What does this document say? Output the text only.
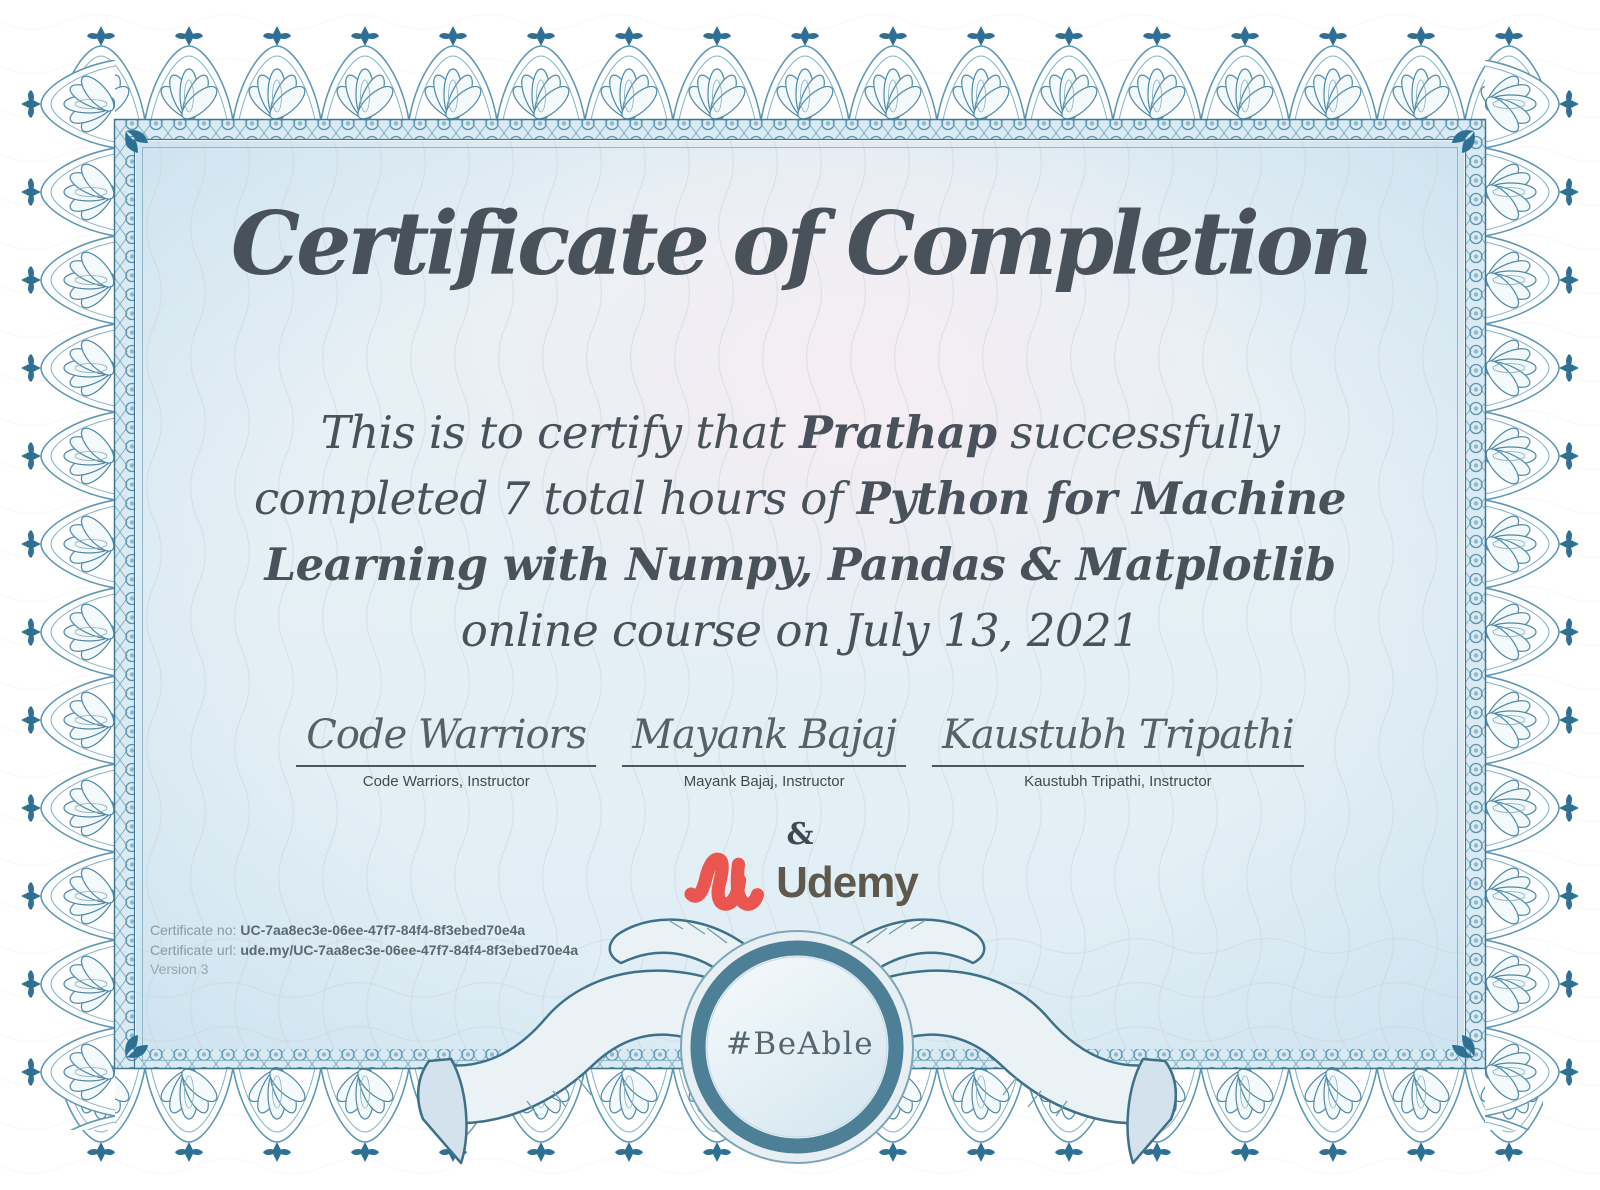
Certificate of Completion
This is to certify that Prathap successfully
completed 7 total hours of Python for Machine
Learning with Numpy, Pandas & Matplotlib
online course on July 13, 2021
Code Warriors
Code Warriors, Instructor
Mayank Bajaj
Mayank Bajaj, Instructor
Kaustubh Tripathi
Kaustubh Tripathi, Instructor
&
Udemy
Certificate no: UC-7aa8ec3e-06ee-47f7-84f4-8f3ebed70e4a
Certificate url: ude.my/UC-7aa8ec3e-06ee-47f7-84f4-8f3ebed70e4a
Version 3
#BeAble
